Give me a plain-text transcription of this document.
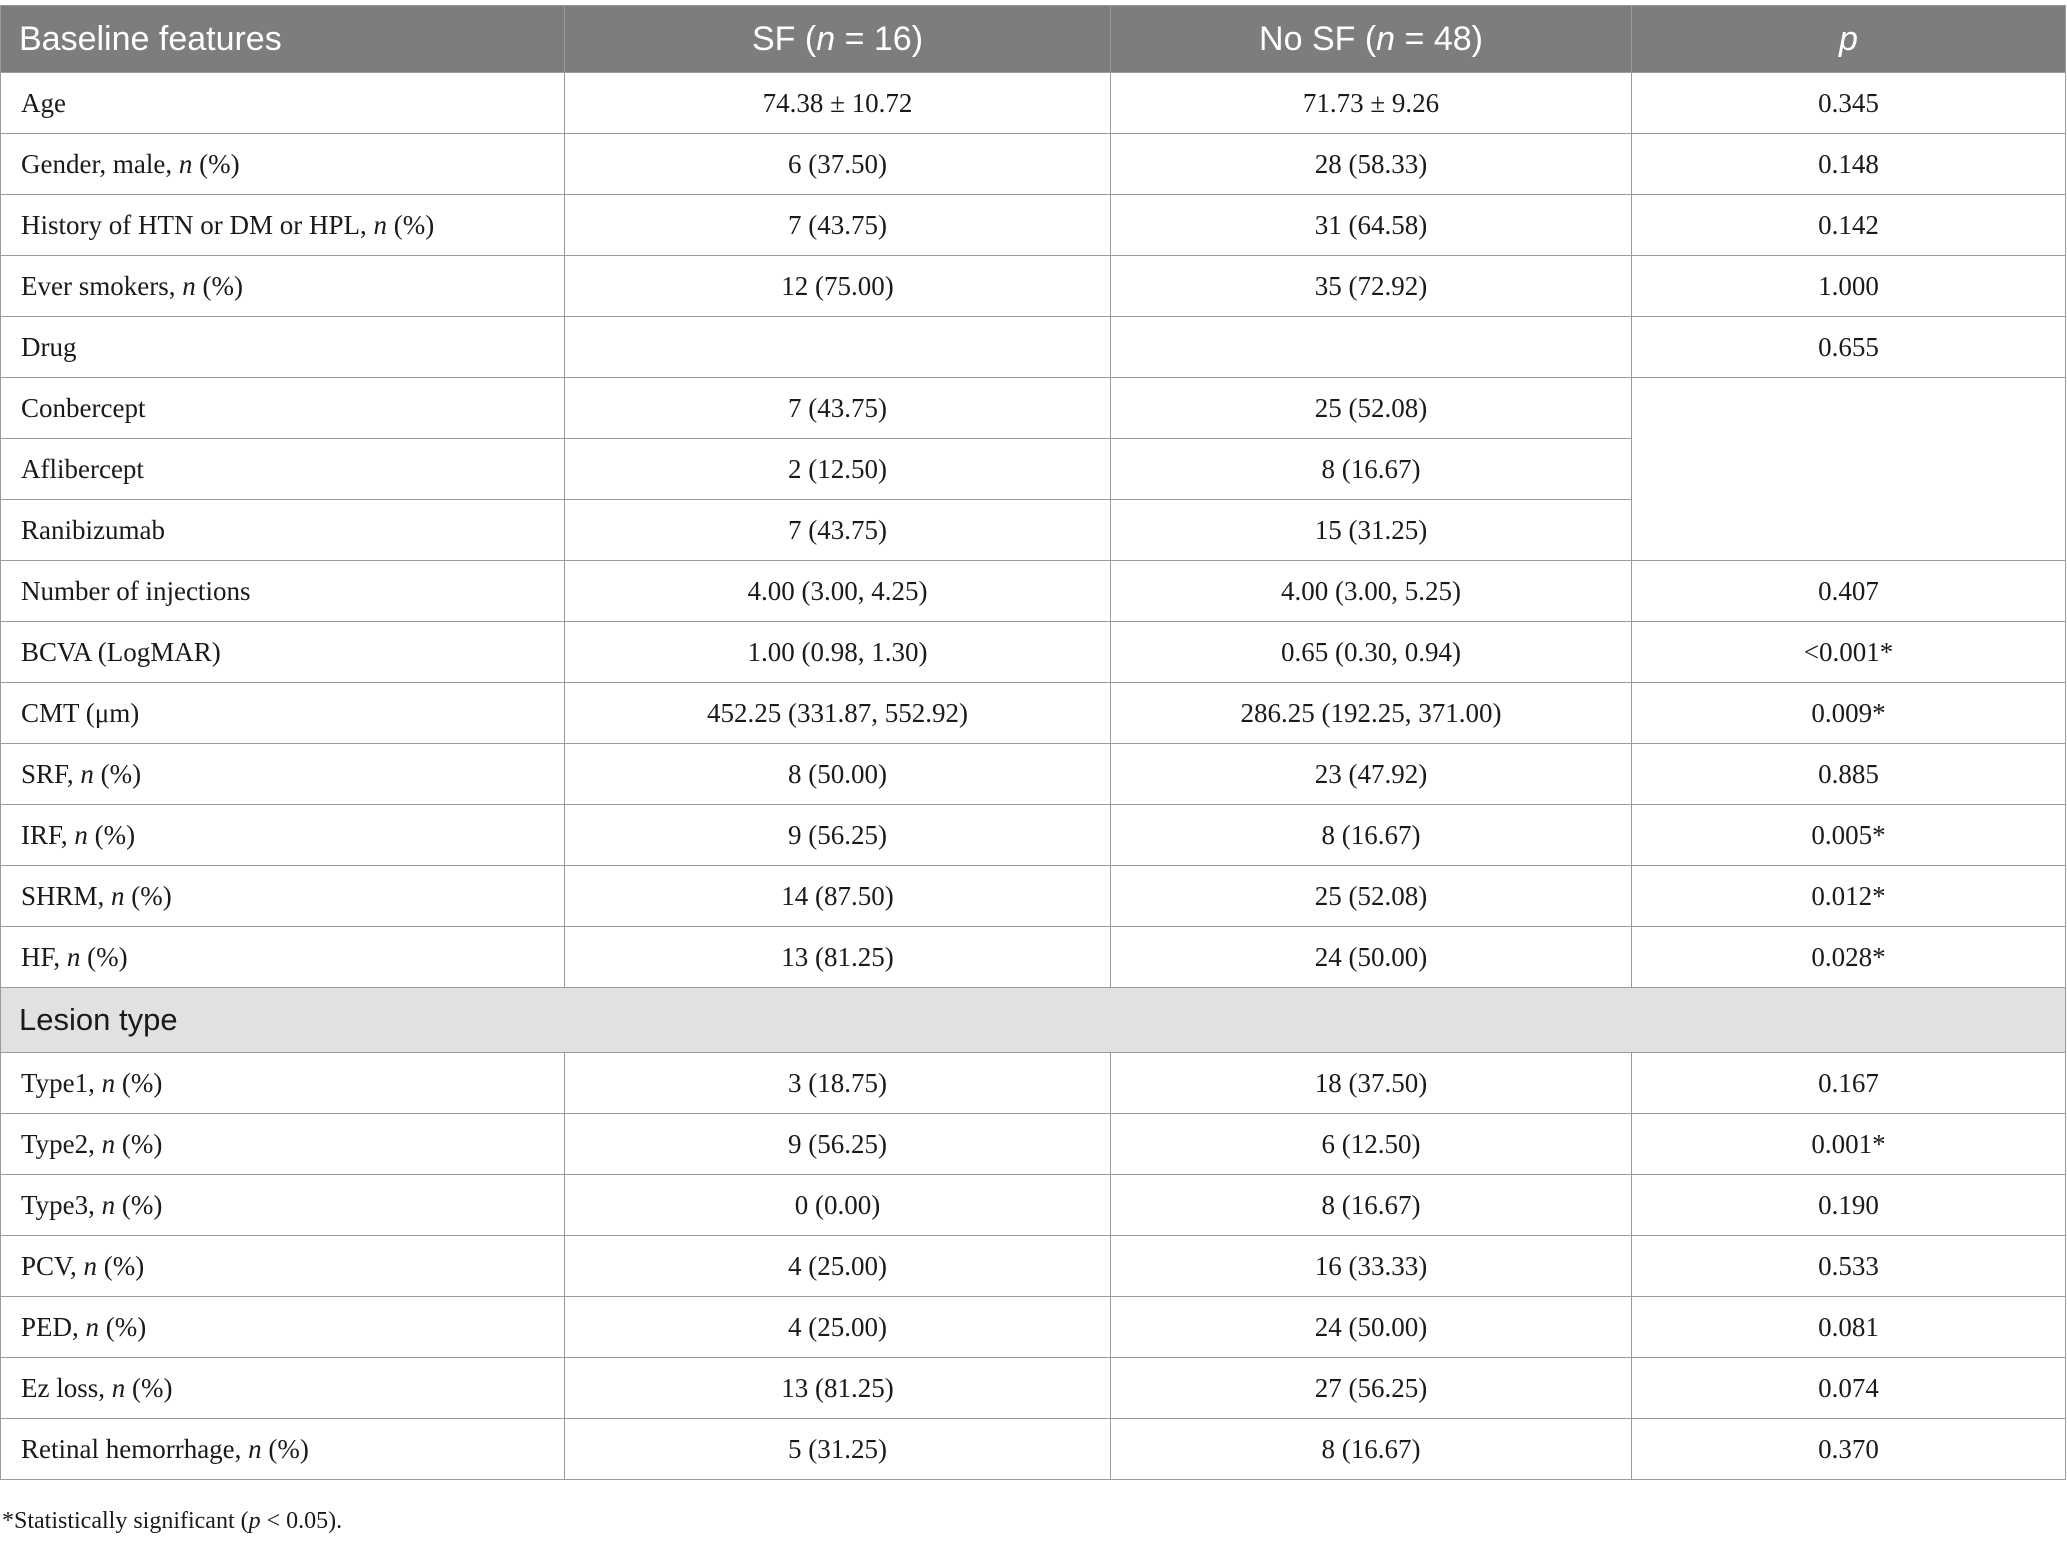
Baseline features	SF (n = 16)	No SF (n = 48)	p
Age	74.38 ± 10.72	71.73 ± 9.26	0.345
Gender, male, n (%)	6 (37.50)	28 (58.33)	0.148
History of HTN or DM or HPL, n (%)	7 (43.75)	31 (64.58)	0.142
Ever smokers, n (%)	12 (75.00)	35 (72.92)	1.000
Drug			0.655
Conbercept	7 (43.75)	25 (52.08)	
Aflibercept	2 (12.50)	8 (16.67)	
Ranibizumab	7 (43.75)	15 (31.25)	
Number of injections	4.00 (3.00, 4.25)	4.00 (3.00, 5.25)	0.407
BCVA (LogMAR)	1.00 (0.98, 1.30)	0.65 (0.30, 0.94)	<0.001*
CMT (μm)	452.25 (331.87, 552.92)	286.25 (192.25, 371.00)	0.009*
SRF, n (%)	8 (50.00)	23 (47.92)	0.885
IRF, n (%)	9 (56.25)	8 (16.67)	0.005*
SHRM, n (%)	14 (87.50)	25 (52.08)	0.012*
HF, n (%)	13 (81.25)	24 (50.00)	0.028*
Lesion type			
Type1, n (%)	3 (18.75)	18 (37.50)	0.167
Type2, n (%)	9 (56.25)	6 (12.50)	0.001*
Type3, n (%)	0 (0.00)	8 (16.67)	0.190
PCV, n (%)	4 (25.00)	16 (33.33)	0.533
PED, n (%)	4 (25.00)	24 (50.00)	0.081
Ez loss, n (%)	13 (81.25)	27 (56.25)	0.074
Retinal hemorrhage, n (%)	5 (31.25)	8 (16.67)	0.370
*Statistically significant (p < 0.05).
